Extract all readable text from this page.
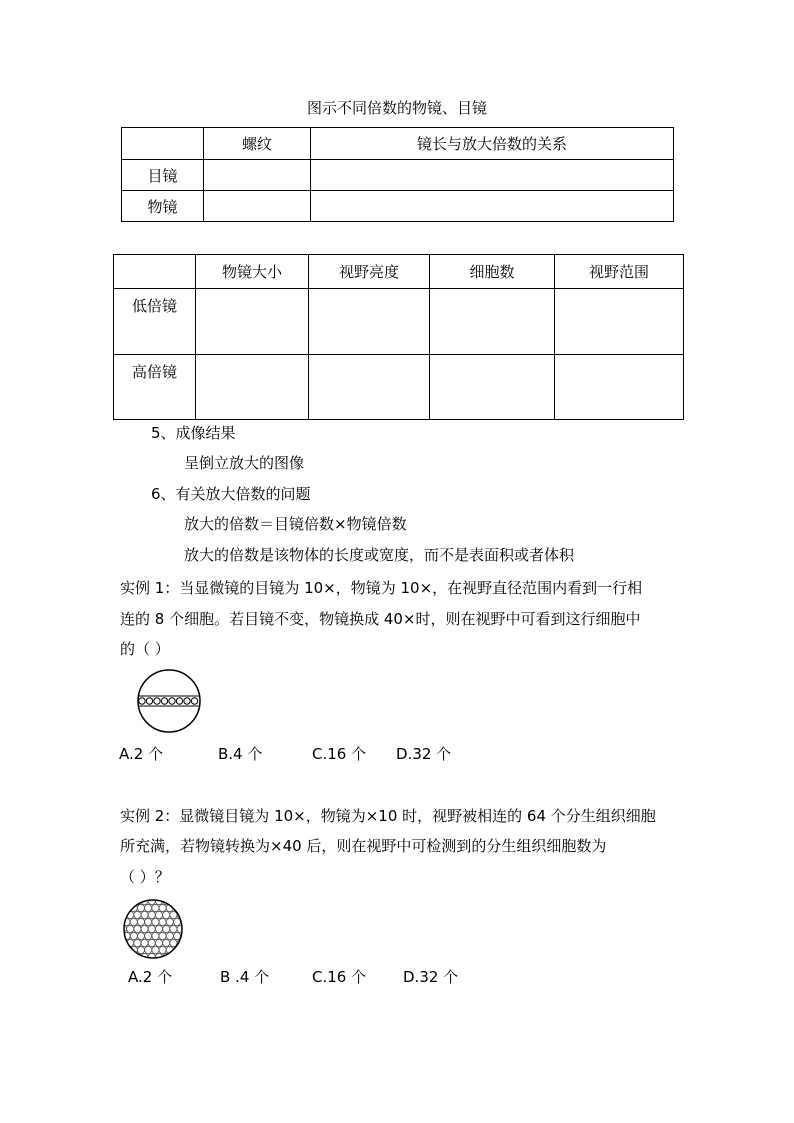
图示不同倍数的物镜、目镜
	螺纹	镜长与放大倍数的关系
目镜		
物镜		
	物镜大小	视野亮度	细胞数	视野范围
低倍镜				
高倍镜				
5、成像结果
呈倒立放大的图像
6、有关放大倍数的问题
放大的倍数＝目镜倍数×物镜倍数
放大的倍数是该物体的长度或宽度，而不是表面积或者体积
实例 1：当显微镜的目镜为 10×，物镜为 10×，在视野直径范围内看到一行相
连的 8 个细胞。若目镜不变，物镜换成 40×时，则在视野中可看到这行细胞中
的（ ）
A.2 个	B.4 个	C.16 个 D.32 个
实例 2：显微镜目镜为 10×，物镜为×10 时，视野被相连的 64 个分生组织细胞
所充满，若物镜转换为×40 后，则在视野中可检测到的分生组织细胞数为
（ ）？
A.2 个	B .4 个	C.16 个 D.32 个
